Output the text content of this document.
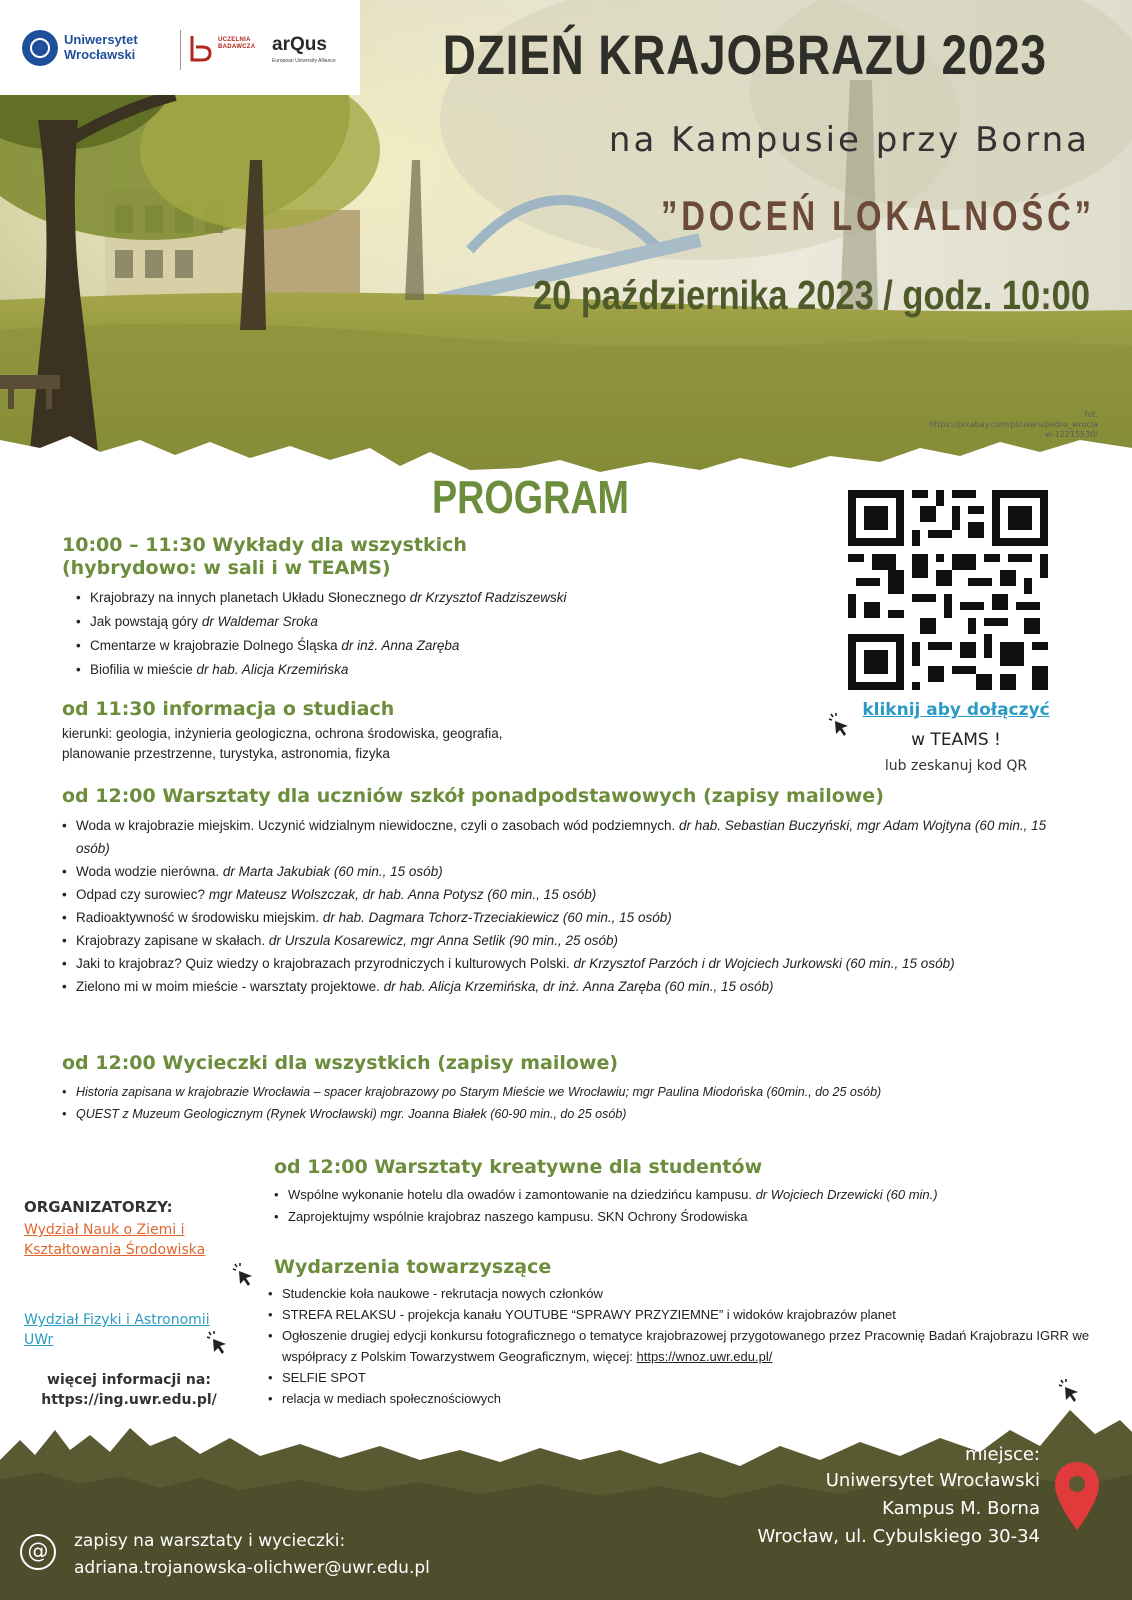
Uniwersytet
Wrocławski
UCZELNIA
BADAWCZA arQus
European University Alliance DZIEŃ KRAJOBRAZU 2023
na Kampusie przy Borna
”DOCEŃ LOKALNOŚĆ”
20 października 2023 / godz. 10:00
fot.
https://pixabay.com/pl/users/pedro_wrocla
w-12215530/
PROGRAM
10:00 – 11:30 Wykłady dla wszystkich
(hybrydowo: w sali i w TEAMS)
• Krajobrazy na innych planetach Układu Słonecznego dr Krzysztof Radziszewski
• Jak powstają góry dr Waldemar Sroka
• Cmentarze w krajobrazie Dolnego Śląska dr inż. Anna Zaręba
• Biofilia w mieście dr hab. Alicja Krzemińska
od 11:30 informacja o studiach
kierunki: geologia, inżynieria geologiczna, ochrona środowiska, geografia,
planowanie przestrzenne, turystyka, astronomia, fizyka
kliknij aby dołączyć
w TEAMS !
lub zeskanuj kod QR
od 12:00 Warsztaty dla uczniów szkół ponadpodstawowych (zapisy mailowe)
• Woda w krajobrazie miejskim. Uczynić widzialnym niewidoczne, czyli o zasobach wód podziemnych. dr hab. Sebastian Buczyński, mgr Adam Wojtyna (60 min., 15 osób)
• Woda wodzie nierówna. dr Marta Jakubiak (60 min., 15 osób)
• Odpad czy surowiec? mgr Mateusz Wolszczak, dr hab. Anna Potysz (60 min., 15 osób)
• Radioaktywność w środowisku miejskim. dr hab. Dagmara Tchorz-Trzeciakiewicz (60 min., 15 osób)
• Krajobrazy zapisane w skałach. dr Urszula Kosarewicz, mgr Anna Setlik (90 min., 25 osób)
• Jaki to krajobraz? Quiz wiedzy o krajobrazach przyrodniczych i kulturowych Polski. dr Krzysztof Parzóch i dr Wojciech Jurkowski (60 min., 15 osób)
• Zielono mi w moim mieście - warsztaty projektowe. dr hab. Alicja Krzemińska, dr inż. Anna Zaręba (60 min., 15 osób)
od 12:00 Wycieczki dla wszystkich (zapisy mailowe)
• Historia zapisana w krajobrazie Wrocławia – spacer krajobrazowy po Starym Mieście we Wrocławiu; mgr Paulina Miodońska (60min., do 25 osób)
• QUEST z Muzeum Geologicznym (Rynek Wrocławski) mgr. Joanna Białek (60-90 min., do 25 osób)
od 12:00 Warsztaty kreatywne dla studentów
• Wspólne wykonanie hotelu dla owadów i zamontowanie na dziedzińcu kampusu. dr Wojciech Drzewicki (60 min.)
• Zaprojektujmy wspólnie krajobraz naszego kampusu. SKN Ochrony Środowiska
Wydarzenia towarzyszące
• Studenckie koła naukowe - rekrutacja nowych członków
• STREFA RELAKSU - projekcja kanału YOUTUBE “SPRAWY PRZYZIEMNE” i widoków krajobrazów planet
• Ogłoszenie drugiej edycji konkursu fotograficznego o tematyce krajobrazowej przygotowanego przez Pracownię Badań Krajobrazu IGRR we współpracy z Polskim Towarzystwem Geograficznym, więcej: https://wnoz.uwr.edu.pl/
• SELFIE SPOT
• relacja w mediach społecznościowych
ORGANIZATORZY:
Wydział Nauk o Ziemi i
Kształtowania Środowiska
Wydział Fizyki i Astronomii
UWr
więcej informacji na:
https://ing.uwr.edu.pl/
@	zapisy na warsztaty i wycieczki:
adriana.trojanowska-olichwer@uwr.edu.pl
miejsce:
Uniwersytet Wrocławski
Kampus M. Borna
Wrocław, ul. Cybulskiego 30-34
